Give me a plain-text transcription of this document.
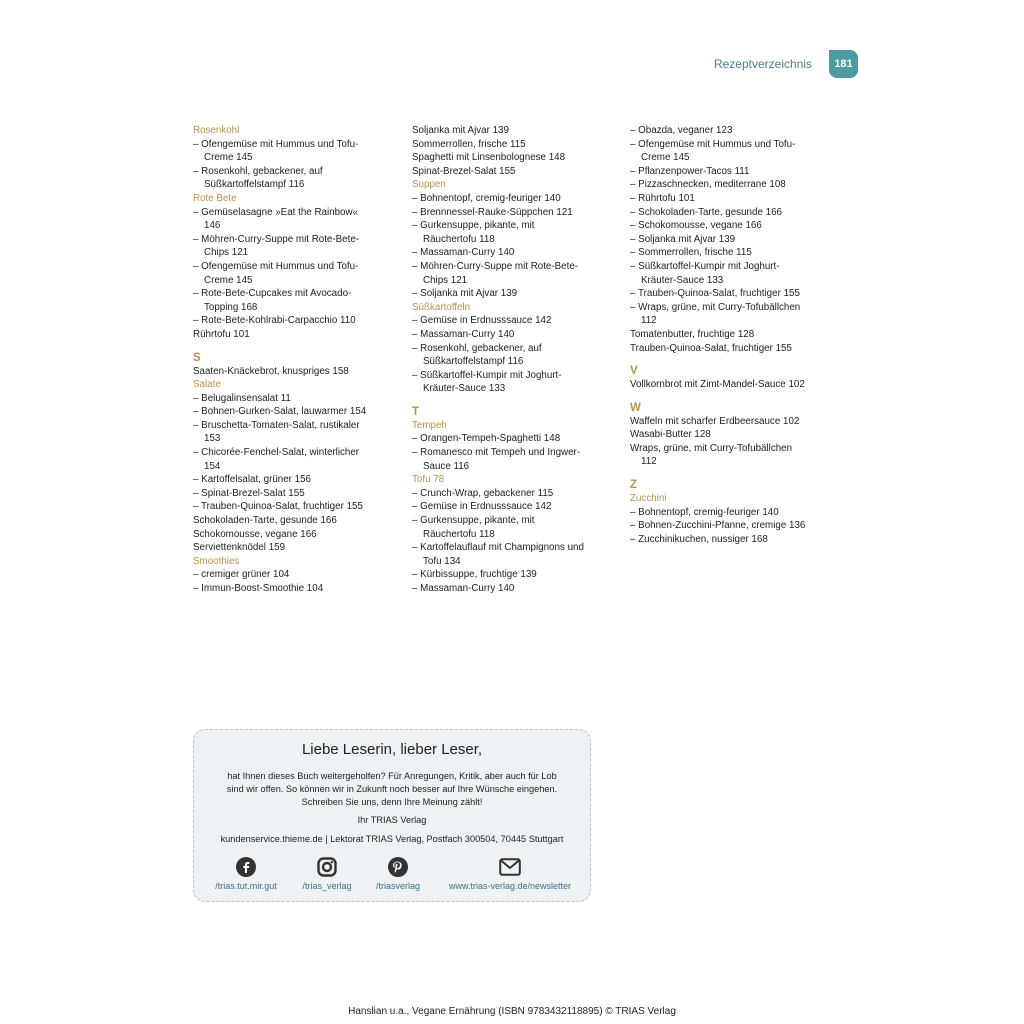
Rezeptverzeichnis	181
Rosenkohl
– Ofengemüse mit Hummus und Tofu-
Creme 145
– Rosenkohl, gebackener, auf
Süßkartoffelstampf 116
Rote Bete
– Gemüselasagne »Eat the Rainbow«
146
– Möhren-Curry-Suppe mit Rote-Bete-
Chips 121
– Ofengemüse mit Hummus und Tofu-
Creme 145
– Rote-Bete-Cupcakes mit Avocado-
Topping 168
– Rote-Bete-Kohlrabi-Carpacchio 110
Rührtofu 101
S
Saaten-Knäckebrot, knuspriges 158
Salate
– Belugalinsensalat 11
– Bohnen-Gurken-Salat, lauwarmer 154
– Bruschetta-Tomaten-Salat, rustikaler
153
– Chicorée-Fenchel-Salat, winterlicher
154
– Kartoffelsalat, grüner 156
– Spinat-Brezel-Salat 155
– Trauben-Quinoa-Salat, fruchtiger 155
Schokoladen-Tarte, gesunde 166
Schokomousse, vegane 166
Serviettenknödel 159
Smoothies
– cremiger grüner 104
– Immun-Boost-Smoothie 104
Soljanka mit Ajvar 139
Sommerrollen, frische 115
Spaghetti mit Linsenbolognese 148
Spinat-Brezel-Salat 155
Suppen
– Bohnentopf, cremig-feuriger 140
– Brennnessel-Rauke-Süppchen 121
– Gurkensuppe, pikante, mit
Räuchertofu 118
– Massaman-Curry 140
– Möhren-Curry-Suppe mit Rote-Bete-
Chips 121
– Soljanka mit Ajvar 139
Süßkartoffeln
– Gemüse in Erdnusssauce 142
– Massaman-Curry 140
– Rosenkohl, gebackener, auf
Süßkartoffelstampf 116
– Süßkartoffel-Kumpir mit Joghurt-
Kräuter-Sauce 133
T
Tempeh
– Orangen-Tempeh-Spaghetti 148
– Romanesco mit Tempeh und Ingwer-
Sauce 116
Tofu 78
– Crunch-Wrap, gebackener 115
– Gemüse in Erdnusssauce 142
– Gurkensuppe, pikante, mit
Räuchertofu 118
– Kartoffelauflauf mit Champignons und
Tofu 134
– Kürbissuppe, fruchtige 139
– Massaman-Curry 140
– Obazda, veganer 123
– Ofengemüse mit Hummus und Tofu-
Creme 145
– Pflanzenpower-Tacos 111
– Pizzaschnecken, mediterrane 108
– Rührtofu 101
– Schokoladen-Tarte, gesunde 166
– Schokomousse, vegane 166
– Soljanka mit Ajvar 139
– Sommerrollen, frische 115
– Süßkartoffel-Kumpir mit Joghurt-
Kräuter-Sauce 133
– Trauben-Quinoa-Salat, fruchtiger 155
– Wraps, grüne, mit Curry-Tofubällchen
112
Tomatenbutter, fruchtige 128
Trauben-Quinoa-Salat, fruchtiger 155
V
Vollkornbrot mit Zimt-Mandel-Sauce 102
W
Waffeln mit scharfer Erdbeersauce 102
Wasabi-Butter 128
Wraps, grüne, mit Curry-Tofubällchen
112
Z
Zucchini
– Bohnentopf, cremig-feuriger 140
– Bohnen-Zucchini-Pfanne, cremige 136
– Zucchinikuchen, nussiger 168
Liebe Leserin, lieber Leser,
hat Ihnen dieses Buch weitergeholfen? Für Anregungen, Kritik, aber auch für Lob
sind wir offen. So können wir in Zukunft noch besser auf Ihre Wünsche eingehen.
Schreiben Sie uns, denn Ihre Meinung zählt!
Ihr TRIAS Verlag
kundenservice.thieme.de | Lektorat TRIAS Verlag, Postfach 300504, 70445 Stuttgart
/trias.tut.mir.gut	/trias_verlag	/triasverlag	www.trias-verlag.de/newsletter
Hanslian u.a., Vegane Ernährung (ISBN 9783432118895) © TRIAS Verlag
